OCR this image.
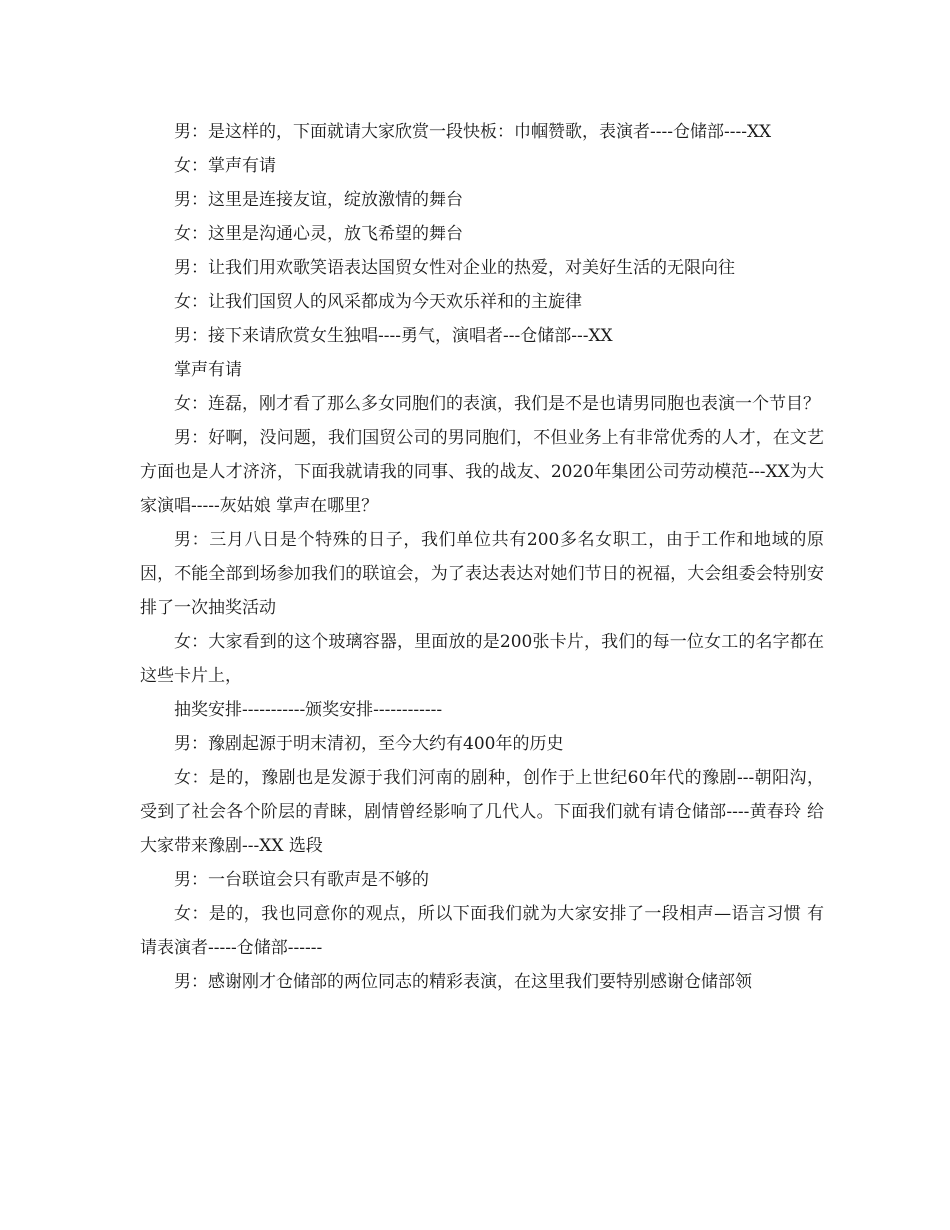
男：是这样的，下面就请大家欣赏一段快板：巾帼赞歌，表演者----仓储部----XX

女：掌声有请

男：这里是连接友谊，绽放激情的舞台

女：这里是沟通心灵，放飞希望的舞台

男：让我们用欢歌笑语表达国贸女性对企业的热爱，对美好生活的无限向往

女：让我们国贸人的风采都成为今天欢乐祥和的主旋律

男：接下来请欣赏女生独唱----勇气，演唱者---仓储部---XX

掌声有请

女：连磊，刚才看了那么多女同胞们的表演，我们是不是也请男同胞也表演一个节目？

男：好啊，没问题，我们国贸公司的男同胞们，不但业务上有非常优秀的人才，在文艺方面也是人才济济，下面我就请我的同事、我的战友、2020年集团公司劳动模范---XX为大家演唱-----灰姑娘 掌声在哪里？

男：三月八日是个特殊的日子，我们单位共有200多名女职工，由于工作和地域的原因，不能全部到场参加我们的联谊会，为了表达表达对她们节日的祝福，大会组委会特别安排了一次抽奖活动

女：大家看到的这个玻璃容器，里面放的是200张卡片，我们的每一位女工的名字都在这些卡片上，

抽奖安排-----------颁奖安排------------

男：豫剧起源于明末清初，至今大约有400年的历史

女：是的，豫剧也是发源于我们河南的剧种，创作于上世纪60年代的豫剧---朝阳沟，受到了社会各个阶层的青睐，剧情曾经影响了几代人。下面我们就有请仓储部----黄春玲 给大家带来豫剧---XX 选段

男：一台联谊会只有歌声是不够的

女：是的，我也同意你的观点，所以下面我们就为大家安排了一段相声—语言习惯 有请表演者-----仓储部------

男：感谢刚才仓储部的两位同志的精彩表演，在这里我们要特别感谢仓储部领
